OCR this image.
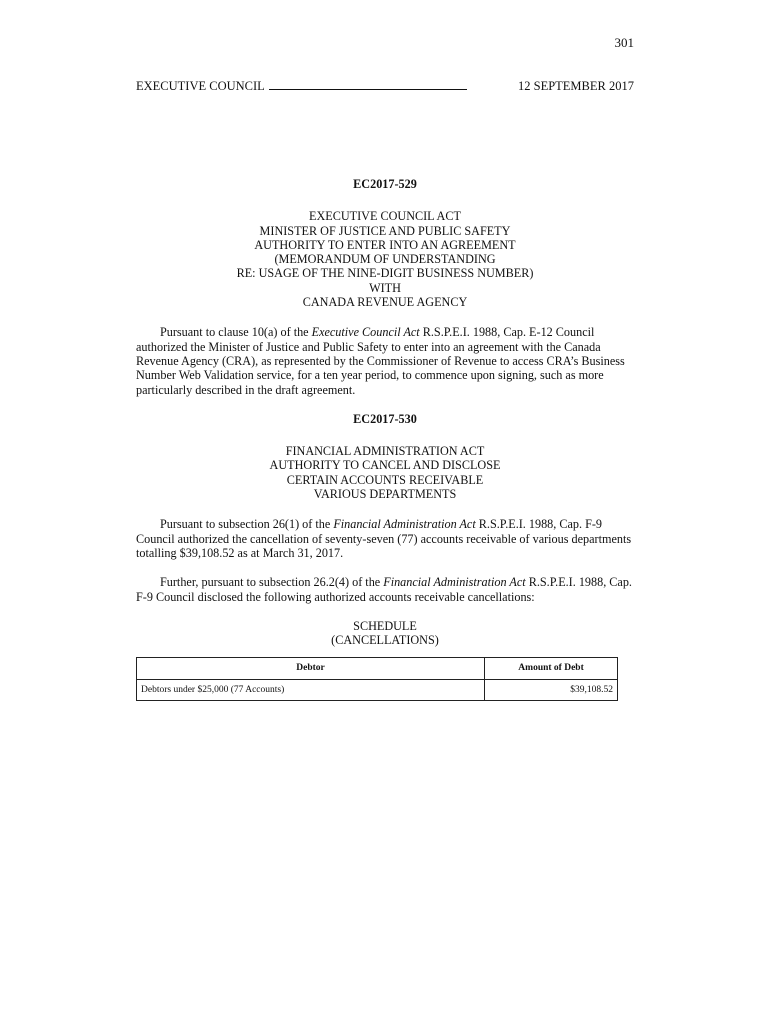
301
EXECUTIVE COUNCIL	12 SEPTEMBER 2017
EC2017-529
EXECUTIVE COUNCIL ACT
MINISTER OF JUSTICE AND PUBLIC SAFETY
AUTHORITY TO ENTER INTO AN AGREEMENT
(MEMORANDUM OF UNDERSTANDING
RE: USAGE OF THE NINE-DIGIT BUSINESS NUMBER)
WITH
CANADA REVENUE AGENCY

Pursuant to clause 10(a) of the Executive Council Act R.S.P.E.I. 1988, Cap. E-12 Council authorized the Minister of Justice and Public Safety to enter into an agreement with the Canada Revenue Agency (CRA), as represented by the Commissioner of Revenue to access CRA’s Business Number Web Validation service, for a ten year period, to commence upon signing, such as more particularly described in the draft agreement.

EC2017-530
FINANCIAL ADMINISTRATION ACT
AUTHORITY TO CANCEL AND DISCLOSE
CERTAIN ACCOUNTS RECEIVABLE
VARIOUS DEPARTMENTS

Pursuant to subsection 26(1) of the Financial Administration Act R.S.P.E.I. 1988, Cap. F-9 Council authorized the cancellation of seventy-seven (77) accounts receivable of various departments totalling $39,108.52 as at March 31, 2017.

Further, pursuant to subsection 26.2(4) of the Financial Administration Act R.S.P.E.I. 1988, Cap. F-9 Council disclosed the following authorized accounts receivable cancellations:

SCHEDULE
(CANCELLATIONS)
Debtor	Amount of Debt
Debtors under $25,000 (77 Accounts)	$39,108.52
